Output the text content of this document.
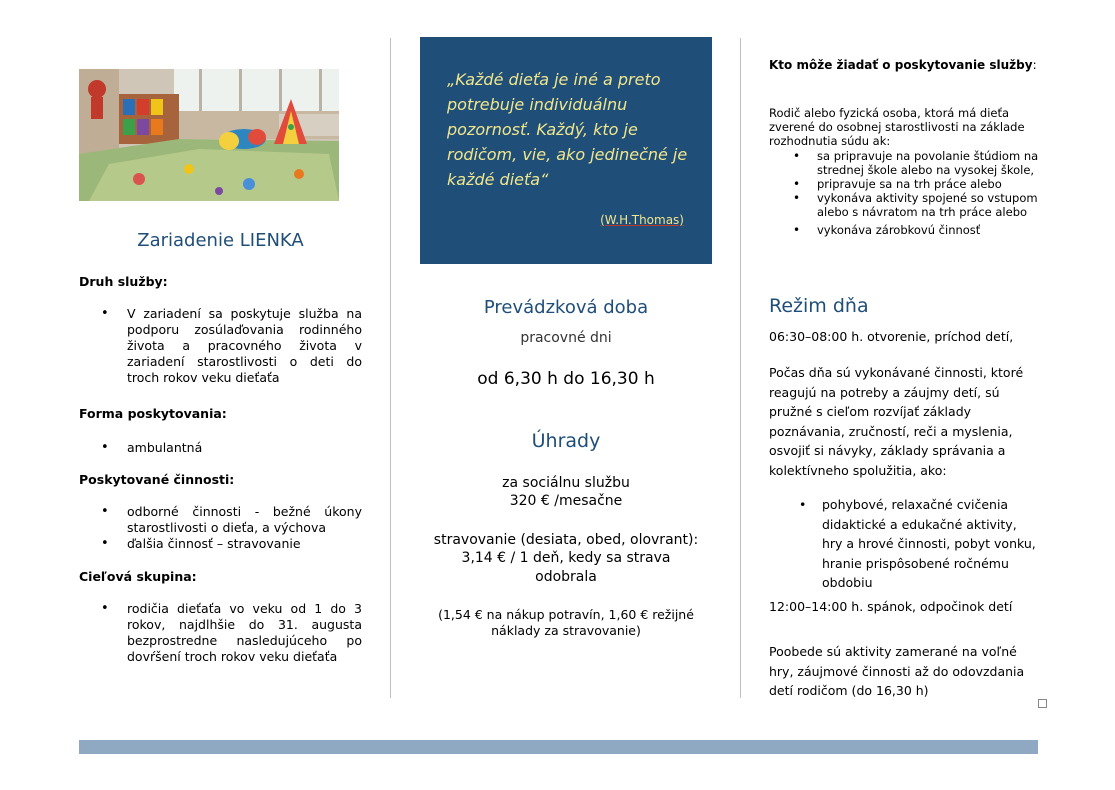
Zariadenie LIENKA
Druh služby:
• V zariadení sa poskytuje služba na podporu zosúlaďovania rodinného života a pracovného života v zariadení starostlivosti o deti do troch rokov veku dieťaťa
Forma poskytovania:
• ambulantná
Poskytované činnosti:
• odborné činnosti - bežné úkony starostlivosti o dieťa, a výchova
• ďalšia činnosť – stravovanie
Cieľová skupina:
• rodičia dieťaťa vo veku od 1 do 3 rokov, najdlhšie do 31. augusta bezprostredne nasledujúceho po dovŕšení troch rokov veku dieťaťa
„Každé dieťa je iné a preto potrebuje individuálnu pozornosť. Každý, kto je rodičom, vie, ako jedinečné je každé dieťa“
(W.H.Thomas)
Prevádzková doba
pracovné dni
od 6,30 h do 16,30 h
Úhrady
za sociálnu službu
320 € /mesačne
stravovanie (desiata, obed, olovrant):
3,14 € / 1 deň, kedy sa strava
odobrala
(1,54 € na nákup potravín, 1,60 € režijné náklady za stravovanie)
Kto môže žiadať o poskytovanie služby:
Rodič alebo fyzická osoba, ktorá má dieťa zverené do osobnej starostlivosti na základe rozhodnutia súdu ak:
• sa pripravuje na povolanie štúdiom na strednej škole alebo na vysokej škole,
• pripravuje sa na trh práce alebo
• vykonáva aktivity spojené so vstupom alebo s návratom na trh práce alebo
• vykonáva zárobkovú činnosť
Režim dňa
06:30–08:00 h. otvorenie, príchod detí,
Počas dňa sú vykonávané činnosti, ktoré reagujú na potreby a záujmy detí, sú pružné s cieľom rozvíjať základy poznávania, zručností, reči a myslenia, osvojiť si návyky, základy správania a kolektívneho spolužitia, ako:
• pohybové, relaxačné cvičenia didaktické a edukačné aktivity, hry a hrové činnosti, pobyt vonku, hranie prispôsobené ročnému obdobiu
12:00–14:00 h. spánok, odpočinok detí
Poobede sú aktivity zamerané na voľné hry, záujmové činnosti až do odovzdania detí rodičom (do 16,30 h)
